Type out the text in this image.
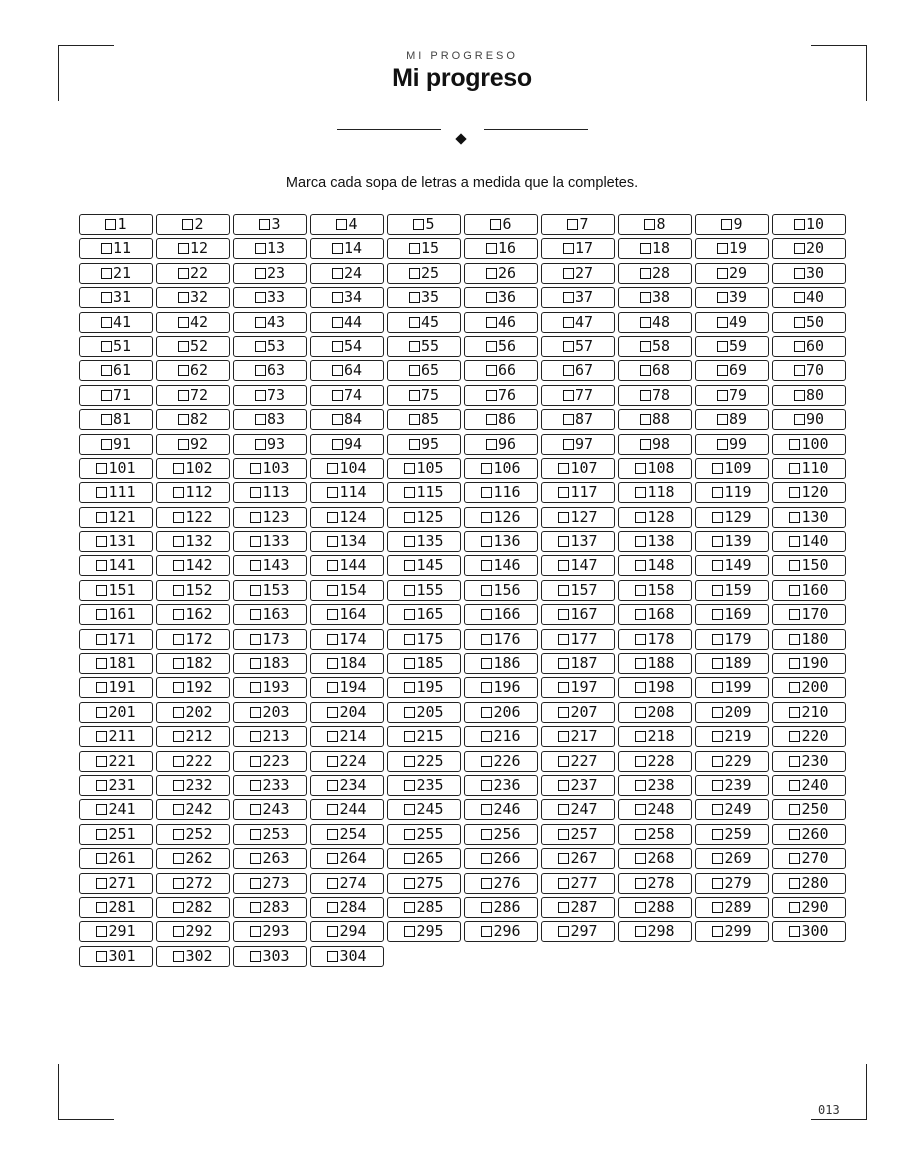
MI PROGRESO
Mi progreso
Marca cada sopa de letras a medida que la completes.
1	2	3	4	5	6	7	8	9	10
11	12	13	14	15	16	17	18	19	20
21	22	23	24	25	26	27	28	29	30
31	32	33	34	35	36	37	38	39	40
41	42	43	44	45	46	47	48	49	50
51	52	53	54	55	56	57	58	59	60
61	62	63	64	65	66	67	68	69	70
71	72	73	74	75	76	77	78	79	80
81	82	83	84	85	86	87	88	89	90
91	92	93	94	95	96	97	98	99	100
101	102	103	104	105	106	107	108	109	110
111	112	113	114	115	116	117	118	119	120
121	122	123	124	125	126	127	128	129	130
131	132	133	134	135	136	137	138	139	140
141	142	143	144	145	146	147	148	149	150
151	152	153	154	155	156	157	158	159	160
161	162	163	164	165	166	167	168	169	170
171	172	173	174	175	176	177	178	179	180
181	182	183	184	185	186	187	188	189	190
191	192	193	194	195	196	197	198	199	200
201	202	203	204	205	206	207	208	209	210
211	212	213	214	215	216	217	218	219	220
221	222	223	224	225	226	227	228	229	230
231	232	233	234	235	236	237	238	239	240
241	242	243	244	245	246	247	248	249	250
251	252	253	254	255	256	257	258	259	260
261	262	263	264	265	266	267	268	269	270
271	272	273	274	275	276	277	278	279	280
281	282	283	284	285	286	287	288	289	290
291	292	293	294	295	296	297	298	299	300
301	302	303	304
013
